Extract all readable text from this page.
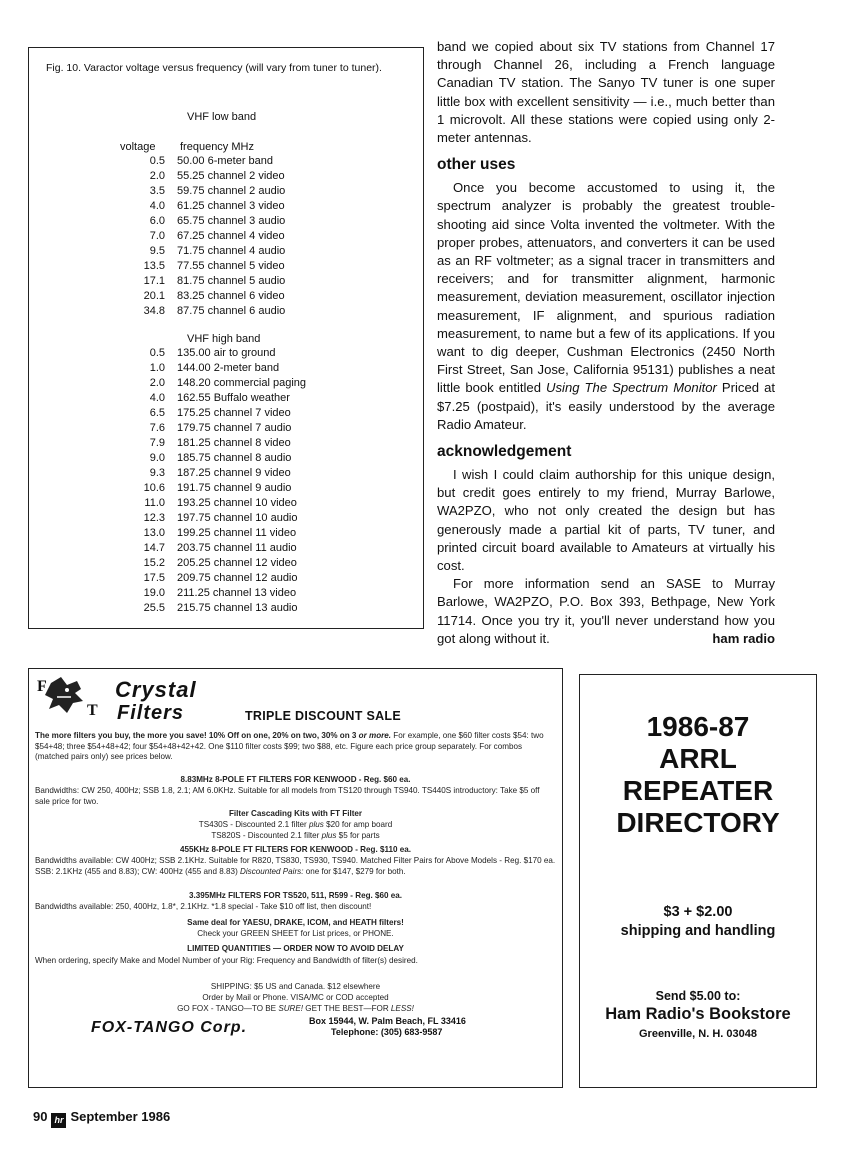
Fig. 10. Varactor voltage versus frequency (will vary from tuner to tuner).
VHF low band
voltage frequency MHz
0.5 50.00 6-meter band
2.0 55.25 channel 2 video
3.5 59.75 channel 2 audio
4.0 61.25 channel 3 video
6.0 65.75 channel 3 audio
7.0 67.25 channel 4 video
9.5 71.75 channel 4 audio
13.5 77.55 channel 5 video
17.1 81.75 channel 5 audio
20.1 83.25 channel 6 video
34.8 87.75 channel 6 audio
VHF high band
0.5 135.00 air to ground
1.0 144.00 2-meter band
2.0 148.20 commercial paging
4.0 162.55 Buffalo weather
6.5 175.25 channel 7 video
7.6 179.75 channel 7 audio
7.9 181.25 channel 8 video
9.0 185.75 channel 8 audio
9.3 187.25 channel 9 video
10.6 191.75 channel 9 audio
11.0 193.25 channel 10 video
12.3 197.75 channel 10 audio
13.0 199.25 channel 11 video
14.7 203.75 channel 11 audio
15.2 205.25 channel 12 video
17.5 209.75 channel 12 audio
19.0 211.25 channel 13 video
25.5 215.75 channel 13 audio

band we copied about six TV stations from Channel 17 through Channel 26, including a French language Canadian TV station. The Sanyo TV tuner is one super little box with excellent sensitivity — i.e., much better than 1 microvolt. All these stations were copied using only 2-meter antennas.

other uses

Once you become accustomed to using it, the spectrum analyzer is probably the greatest trouble-shooting aid since Volta invented the voltmeter. With the proper probes, attenuators, and converters it can be used as an RF voltmeter; as a signal tracer in transmitters and receivers; and for transmitter alignment, harmonic measurement, deviation measurement, oscillator injection measurement, IF alignment, and spurious radiation measurement, to name but a few of its applications. If you want to dig deeper, Cushman Electronics (2450 North First Street, San Jose, California 95131) publishes a neat little book entitled Using The Spectrum Monitor Priced at $7.25 (postpaid), it's easily understood by the average Radio Amateur.

acknowledgement

I wish I could claim authorship for this unique design, but credit goes entirely to my friend, Murray Barlowe, WA2PZO, who not only created the design but has generously made a partial kit of parts, TV tuner, and printed circuit board available to Amateurs at virtually his cost.

For more information send an SASE to Murray Barlowe, WA2PZO, P.O. Box 393, Bethpage, New York 11714. Once you try it, you'll never understand how you got along without it.	ham radio

F
T
Crystal
Filters	TRIPLE DISCOUNT SALE
The more filters you buy, the more you save! 10% Off on one, 20% on two, 30% on 3 or more. For example, one $60 filter costs $54: two $54+48; three $54+48+42; four $54+48+42+42. One $110 filter costs $99; two $88, etc. Figure each price group separately. For combos (matched pairs only) see prices below.
8.83MHz 8-POLE FT FILTERS FOR KENWOOD - Reg. $60 ea.
Bandwidths: CW 250, 400Hz; SSB 1.8, 2.1; AM 6.0KHz. Suitable for all models from TS120 through TS940. TS440S introductory: Take $5 off sale price for two.
Filter Cascading Kits with FT Filter
TS430S - Discounted 2.1 filter plus $20 for amp board
TS820S - Discounted 2.1 filter plus $5 for parts
455KHz 8-POLE FT FILTERS FOR KENWOOD - Reg. $110 ea.
Bandwidths available: CW 400Hz; SSB 2.1KHz. Suitable for R820, TS830, TS930, TS940. Matched Filter Pairs for Above Models - Reg. $170 ea. SSB: 2.1KHz (455 and 8.83); CW: 400Hz (455 and 8.83) Discounted Pairs: one for $147, $279 for both.
3.395MHz FILTERS FOR TS520, 511, R599 - Reg. $60 ea.
Bandwidths available: 250, 400Hz, 1.8*, 2.1KHz. *1.8 special - Take $10 off list, then discount!
Same deal for YAESU, DRAKE, ICOM, and HEATH filters!
Check your GREEN SHEET for List prices, or PHONE.
LIMITED QUANTITIES — ORDER NOW TO AVOID DELAY
When ordering, specify Make and Model Number of your Rig: Frequency and Bandwidth of filter(s) desired.
SHIPPING: $5 US and Canada. $12 elsewhere
Order by Mail or Phone. VISA/MC or COD accepted
GO FOX - TANGO—TO BE SURE! GET THE BEST—FOR LESS!
FOX-TANGO Corp.	Box 15944, W. Palm Beach, FL 33416
Telephone: (305) 683-9587
1986-87
ARRL
REPEATER
DIRECTORY
$3 + $2.00
shipping and handling
Send $5.00 to:
Ham Radio's Bookstore
Greenville, N. H. 03048
90 hr September 1986
